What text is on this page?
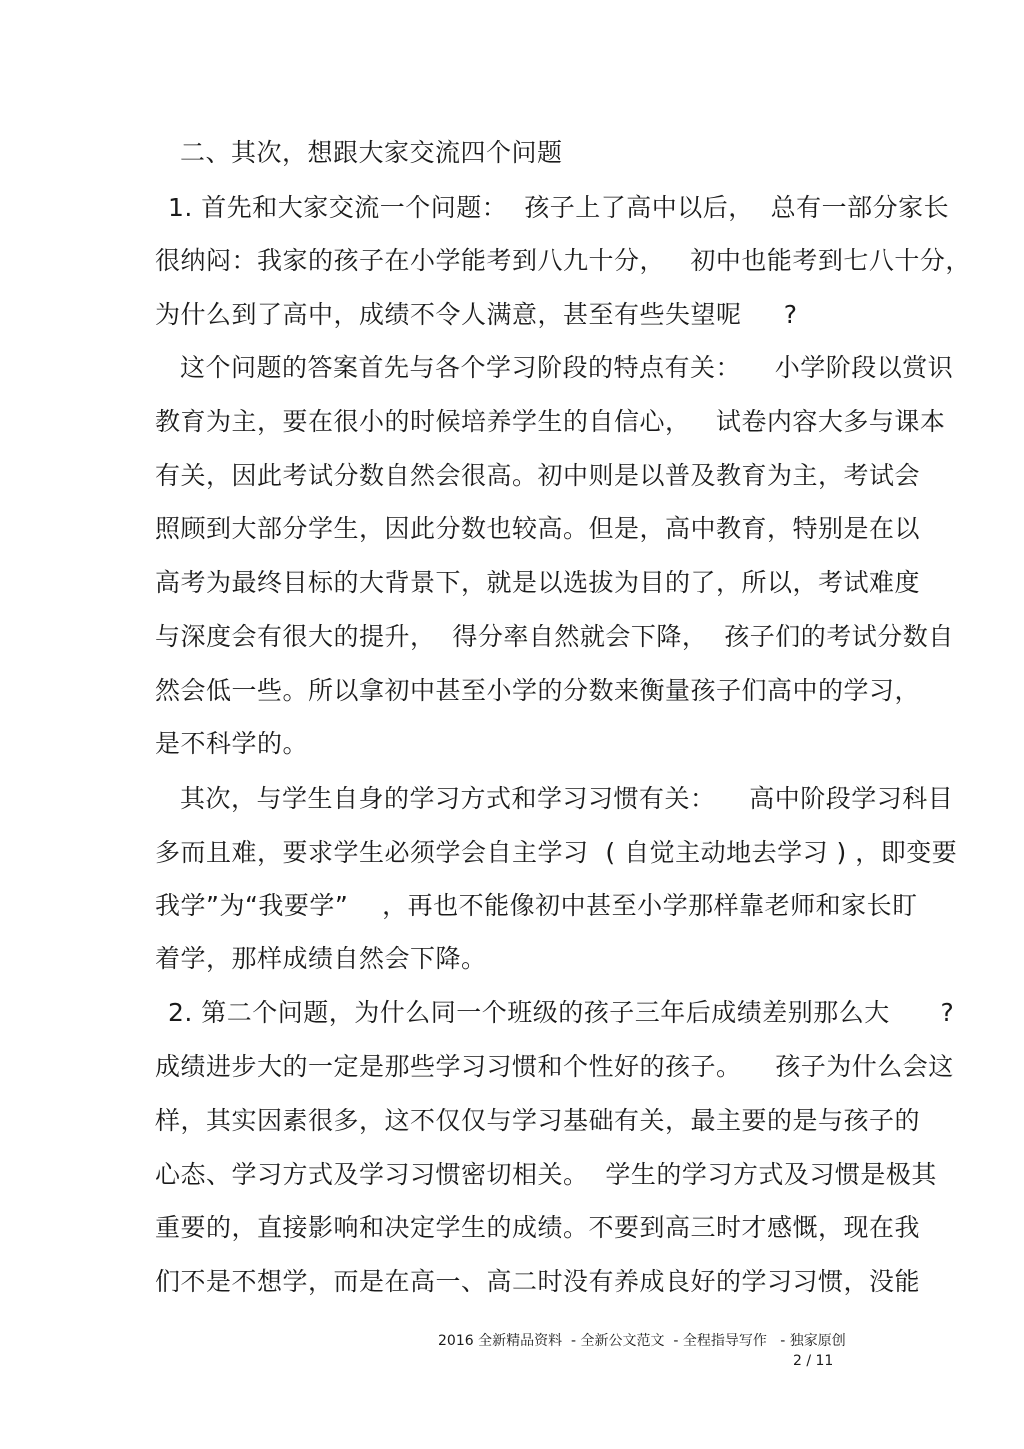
二、其次，想跟大家交流四个问题
1. 首先和大家交流一个问题：  孩子上了高中以后，  总有一部分家长
很纳闷：我家的孩子在小学能考到八九十分，   初中也能考到七八十分，
为什么到了高中，成绩不令人满意，甚至有些失望呢     ?
这个问题的答案首先与各个学习阶段的特点有关：    小学阶段以赏识
教育为主，要在很小的时候培养学生的自信心，   试卷内容大多与课本
有关，因此考试分数自然会很高。初中则是以普及教育为主，考试会
照顾到大部分学生，因此分数也较高。但是，高中教育，特别是在以
高考为最终目标的大背景下，就是以选拔为目的了，所以，考试难度
与深度会有很大的提升，  得分率自然就会下降，  孩子们的考试分数自
然会低一些。所以拿初中甚至小学的分数来衡量孩子们高中的学习，
是不科学的。
其次，与学生自身的学习方式和学习习惯有关：    高中阶段学习科目
多而且难，要求学生必须学会自主学习  ( 自觉主动地去学习 ) ，即变要
我学”为“我要学”    ，再也不能像初中甚至小学那样靠老师和家长盯
着学，那样成绩自然会下降。
2. 第二个问题，为什么同一个班级的孩子三年后成绩差别那么大      ?
成绩进步大的一定是那些学习习惯和个性好的孩子。    孩子为什么会这
样，其实因素很多，这不仅仅与学习基础有关，最主要的是与孩子的
心态、学习方式及学习习惯密切相关。  学生的学习方式及习惯是极其
重要的，直接影响和决定学生的成绩。不要到高三时才感慨，现在我
们不是不想学，而是在高一、高二时没有养成良好的学习习惯，没能
2016 全新精品资料  - 全新公文范文  - 全程指导写作   - 独家原创
2 / 11
